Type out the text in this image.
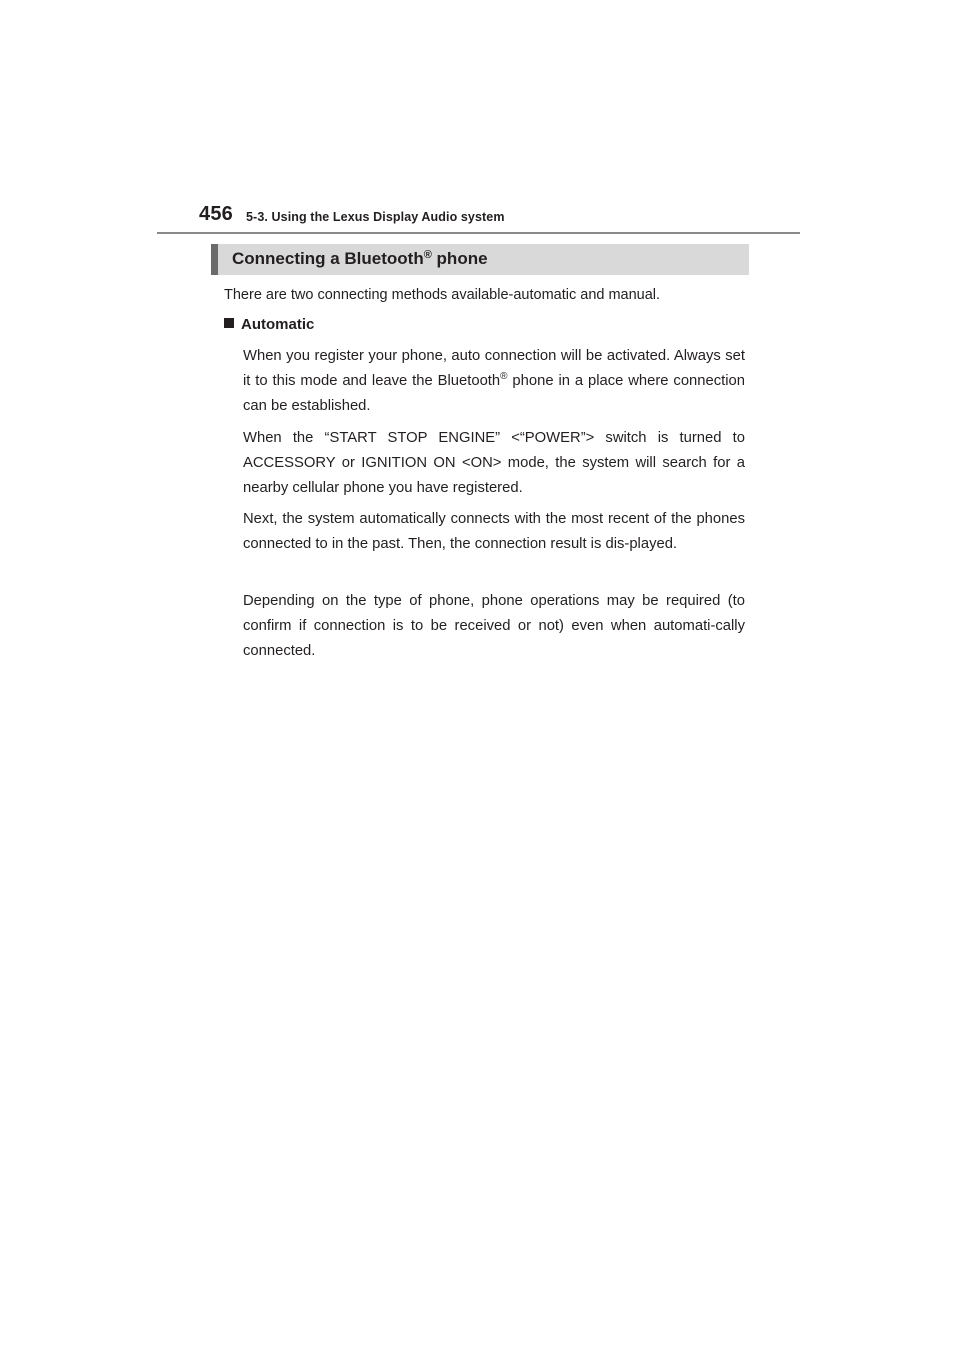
456 5-3. Using the Lexus Display Audio system
Connecting a Bluetooth® phone
There are two connecting methods available-automatic and manual.
Automatic
When you register your phone, auto connection will be activated. Always set it to this mode and leave the Bluetooth® phone in a place where connection can be established.
When the “START STOP ENGINE” <“POWER”> switch is turned to ACCESSORY or IGNITION ON <ON> mode, the system will search for a nearby cellular phone you have registered.
Next, the system automatically connects with the most recent of the phones connected to in the past. Then, the connection result is dis-played.
Depending on the type of phone, phone operations may be required (to confirm if connection is to be received or not) even when automati-cally connected.
